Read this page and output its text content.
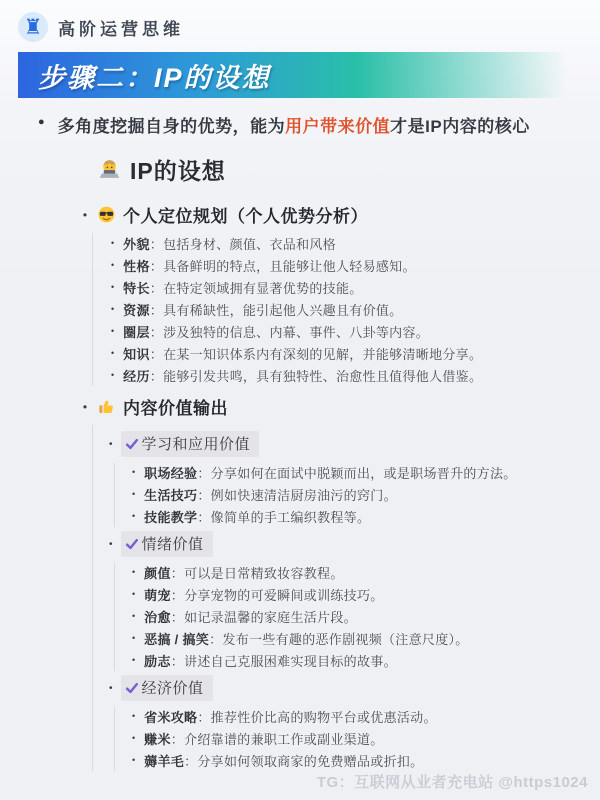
♜ 高阶运营思维
步骤二：IP的设想
● 多角度挖掘自身的优势，能为用户带来价值才是IP内容的核心
IP的设想
• 个人定位规划（个人优势分析）
• 外貌：包括身材、颜值、衣品和风格
• 性格：具备鲜明的特点，且能够让他人轻易感知。
• 特长：在特定领域拥有显著优势的技能。
• 资源：具有稀缺性，能引起他人兴趣且有价值。
• 圈层：涉及独特的信息、内幕、事件、八卦等内容。
• 知识：在某一知识体系内有深刻的见解，并能够清晰地分享。
• 经历：能够引发共鸣，具有独特性、治愈性且值得他人借鉴。
• 内容价值输出
• 学习和应用价值
• 职场经验：分享如何在面试中脱颖而出，或是职场晋升的方法。
• 生活技巧：例如快速清洁厨房油污的窍门。
• 技能教学：像简单的手工编织教程等。
• 情绪价值
• 颜值：可以是日常精致妆容教程。
• 萌宠：分享宠物的可爱瞬间或训练技巧。
• 治愈：如记录温馨的家庭生活片段。
• 恶搞 / 搞笑：发布一些有趣的恶作剧视频（注意尺度）。
• 励志：讲述自己克服困难实现目标的故事。
• 经济价值
• 省米攻略：推荐性价比高的购物平台或优惠活动。
• 赚米：介绍靠谱的兼职工作或副业渠道。
• 薅羊毛：分享如何领取商家的免费赠品或折扣。
TG：互联网从业者充电站 @https1024
